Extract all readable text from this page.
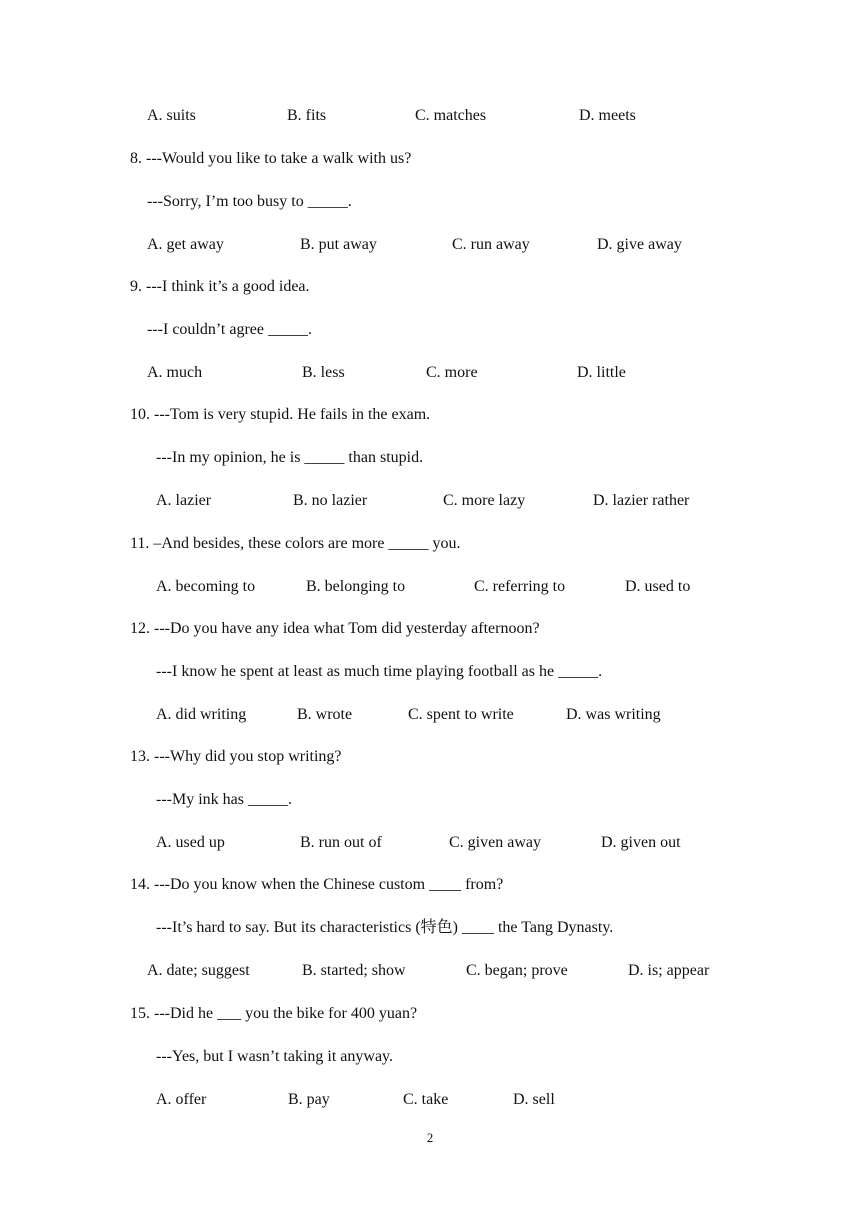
A. suits	B. fits	C. matches	D. meets
8. ---Would you like to take a walk with us?
---Sorry, I’m too busy to _____.
A. get away	B. put away	C. run away	D. give away
9. ---I think it’s a good idea.
---I couldn’t agree _____.
A. much	B. less	C. more	D. little
10. ---Tom is very stupid. He fails in the exam.
---In my opinion, he is _____ than stupid.
A. lazier	B. no lazier	C. more lazy	D. lazier rather
11. –And besides, these colors are more _____ you.
A. becoming to	B. belonging to	C. referring to	D. used to
12. ---Do you have any idea what Tom did yesterday afternoon?
---I know he spent at least as much time playing football as he _____.
A. did writing	B. wrote	C. spent to write	D. was writing
13. ---Why did you stop writing?
---My ink has _____.
A. used up	B. run out of	C. given away	D. given out
14. ---Do you know when the Chinese custom ____ from?
---It’s hard to say. But its characteristics (特色) ____ the Tang Dynasty.
A. date; suggest	B. started; show	C. began; prove	D. is; appear
15. ---Did he ___ you the bike for 400 yuan?
---Yes, but I wasn’t taking it anyway.
A. offer	B. pay	C. take	D. sell
2
